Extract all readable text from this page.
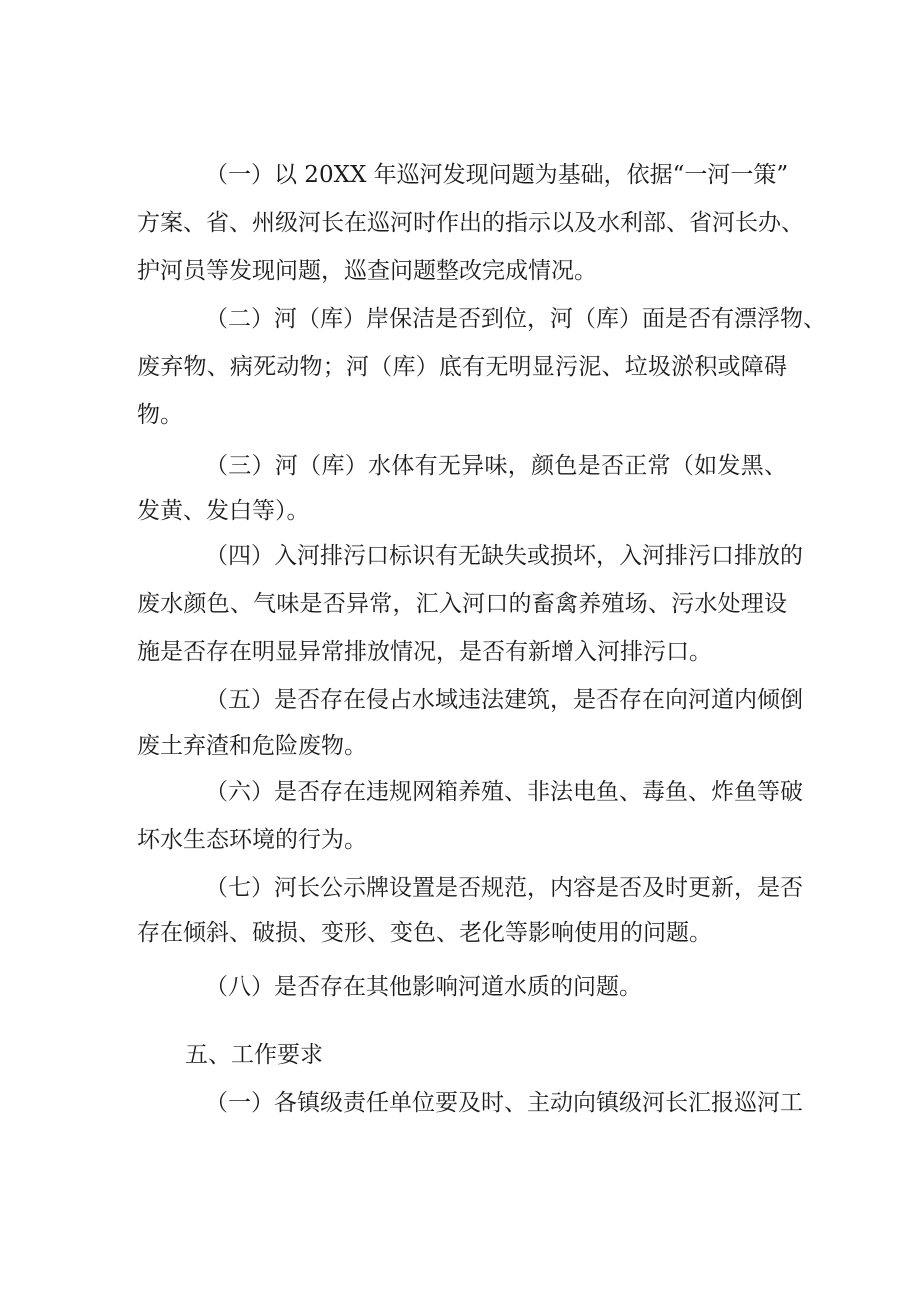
（一）以 20XX 年巡河发现问题为基础，依据“一河一策”
方案、省、州级河长在巡河时作出的指示以及水利部、省河长办、
护河员等发现问题，巡查问题整改完成情况。
（二）河（库）岸保洁是否到位，河（库）面是否有漂浮物、
废弃物、病死动物；河（库）底有无明显污泥、垃圾淤积或障碍
物。
（三）河（库）水体有无异味，颜色是否正常（如发黑、
发黄、发白等）。
（四）入河排污口标识有无缺失或损坏，入河排污口排放的
废水颜色、气味是否异常，汇入河口的畜禽养殖场、污水处理设
施是否存在明显异常排放情况，是否有新增入河排污口。
（五）是否存在侵占水域违法建筑，是否存在向河道内倾倒
废土弃渣和危险废物。
（六）是否存在违规网箱养殖、非法电鱼、毒鱼、炸鱼等破
坏水生态环境的行为。
（七）河长公示牌设置是否规范，内容是否及时更新，是否
存在倾斜、破损、变形、变色、老化等影响使用的问题。
（八）是否存在其他影响河道水质的问题。
五、工作要求
（一）各镇级责任单位要及时、主动向镇级河长汇报巡河工
